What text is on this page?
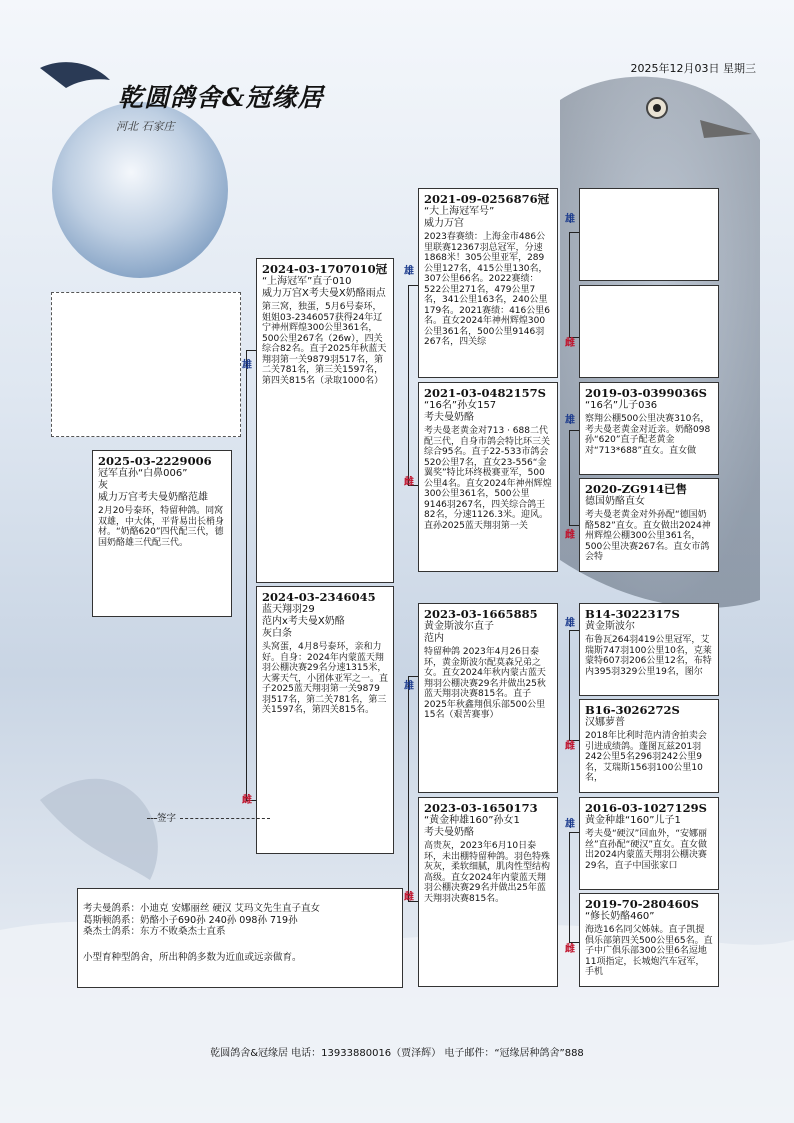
2025年12月03日 星期三
乾圆鸽舍&冠缘居
河北 石家庄
雄
雌
雄
雌
雄
雌
雄
雌
雄
雌
雄
雌
雄
雌
2025-03-2229006
冠军直孙“白鼻006”
灰
威力万宫考夫曼奶酪范雄
2月20号泰环，特留种鸽。同窝双雄，中大体，平背易出长梢身材。“奶酪620”四代配三代，德国奶酪雄三代配三代。
2024-03-1707010冠
“上海冠军”直子010
威力万宫X考夫曼X奶酪雨点
第三窝，独蛋，5月6号泰环，姐姐03-2346057获得24年辽宁神州辉煌300公里361名，500公里267名（26w），四关综合82名。直子2025年秋蓝天翔羽第一关9879羽517名，第二关781名，第三关1597名，第四关815名（录取1000名）
2024-03-2346045
蓝天翔羽29
范内x考夫曼X奶酪
灰白条
头窝蛋，4月8号泰环，亲和力好。自身：2024年内蒙蓝天翔羽公棚决赛29名分速1315米，大雾天气，小团体亚军之一。直子2025蓝天翔羽第一关9879羽517名，第二关781名，第三关1597名，第四关815名。
2021-09-0256876冠
“大上海冠军号”
威力万宫
2023春赛绩：上海金市486公里联赛12367羽总冠军，分速1868米！305公里亚军，289公里127名，415公里130名，307公里66名。2022赛绩：522公里271名，479公里7名，341公里163名，240公里179名。2021赛绩：416公里6名。直女2024年神州辉煌300公里361名，500公里9146羽267名，四关综
2021-03-0482157S
“16名”孙女157
考夫曼奶酪
考夫曼老黄金对713 · 688二代配三代，自身市鸽会特比环三关综合95名。直子22-533市鸽会520公里7名，直女23-556“金翼奖”特比环终极赛亚军，500公里4名。直女2024年神州辉煌300公里361名，500公里9146羽267名，四关综合鸽王82名，分速1126.3米。迎风。直孙2025蓝天翔羽第一关
2023-03-1665885
黄金斯波尔直子
范内
特留种鸽 2023年4月26日泰环，黄金斯波尔配莫森兄弟之女。直女2024年秋内蒙古蓝天翔羽公棚决赛29名并做出25秋蓝天翔羽决赛815名。直子2025年秋鑫翔俱乐部500公里15名（艰苦赛事）
2023-03-1650173
“黄金种雄160”孙女1
考夫曼奶酪
高贵灰，2023年6月10日泰环，未出棚特留种鸽。羽色特殊灰灰，柔软细腻，肌肉性型结构高级。直女2024年内蒙蓝天翔羽公棚决赛29名并做出25年蓝天翔羽决赛815名。
2019-03-0399036S
“16名”儿子036
察翔公棚500公里决赛310名，考夫曼老黄金对近亲。奶酪098孙“620”直子配老黄金对“713*688”直女。直女做
2020-ZG914已售
德国奶酪直女
考夫曼老黄金对外孙配“德国奶酪582”直女。直女做出2024神州辉煌公棚300公里361名，500公里决赛267名。直女市鸽会特
B14-3022317S
黄金斯波尔
布鲁瓦264羽419公里冠军，艾瑞斯747羽100公里10名，克莱蒙特607羽206公里12名，布特内395羽329公里19名，图尔
B16-3026272S
汉娜萝普
2018年比利时范内清舍拍卖会引进成绩鸽。蓬图瓦兹201羽242公里5名296羽242公里9名，艾瑞斯156羽100公里10名，
2016-03-1027129S
黄金种雄“160”儿子1
考夫曼“硬汉”回血外，“安娜丽丝”直孙配“硬汉”直女。直女做出2024内蒙蓝天翔羽公棚决赛29名，直子中国张家口
2019-70-280460S
“修长奶酪460”
海选16名同父姊妹。直子凯提俱乐部第四关500公里65名。直子中广俱乐部300公里6名逗地11项指定，长城炮汽车冠军，手机
签字
考夫曼鸽系：小迪克 安娜丽丝 硬汉 艾玛文先生直子直女
葛斯顿鸽系：奶酪小子690孙 240孙 098孙 719孙
桑杰士鸽系：东方不败桑杰士直系
小型育种型鸽舍，所出种鸽多数为近血或远亲做育。
乾圆鸽舍&冠缘居 电话：13933880016（贾泽辉） 电子邮件：“冠缘居种鸽舍”888
